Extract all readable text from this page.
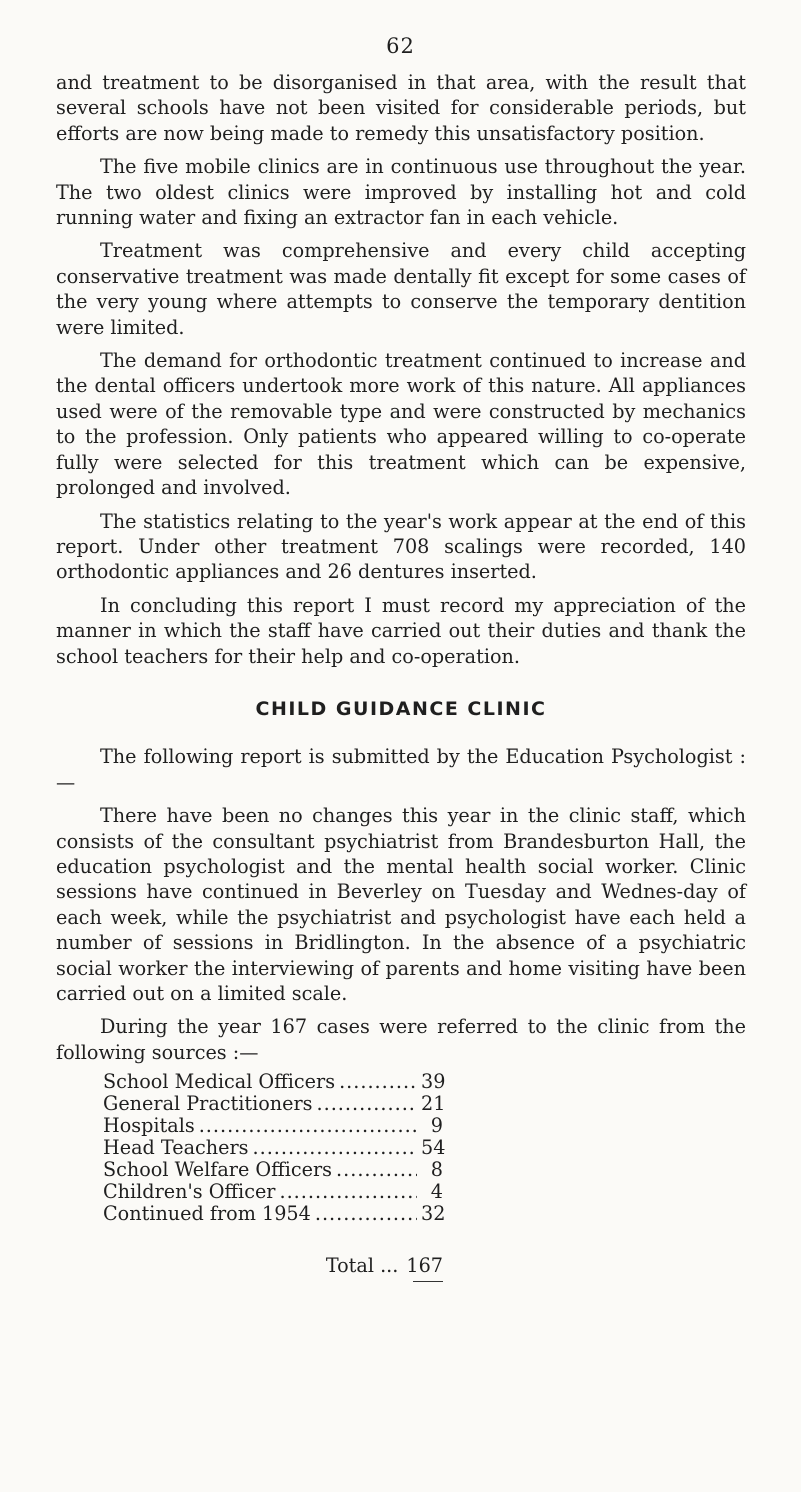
62

and treatment to be disorganised in that area, with the result that several schools have not been visited for considerable periods, but efforts are now being made to remedy this unsatisfactory position.

The five mobile clinics are in continuous use throughout the year. The two oldest clinics were improved by installing hot and cold running water and fixing an extractor fan in each vehicle.

Treatment was comprehensive and every child accepting conservative treatment was made dentally fit except for some cases of the very young where attempts to conserve the temporary dentition were limited.

The demand for orthodontic treatment continued to increase and the dental officers undertook more work of this nature. All appliances used were of the removable type and were constructed by mechanics to the profession. Only patients who appeared willing to co-operate fully were selected for this treatment which can be expensive, prolonged and involved.

The statistics relating to the year's work appear at the end of this report. Under other treatment 708 scalings were recorded, 140 orthodontic appliances and 26 dentures inserted.

In concluding this report I must record my appreciation of the manner in which the staff have carried out their duties and thank the school teachers for their help and co-operation.

CHILD GUIDANCE CLINIC

The following report is submitted by the Education Psychologist :—

There have been no changes this year in the clinic staff, which consists of the consultant psychiatrist from Brandesburton Hall, the education psychologist and the mental health social worker. Clinic sessions have continued in Beverley on Tuesday and Wednes-day of each week, while the psychiatrist and psychologist have each held a number of sessions in Bridlington. In the absence of a psychiatric social worker the interviewing of parents and home visiting have been carried out on a limited scale.

During the year 167 cases were referred to the clinic from the following sources :—

School Medical Officers .....	39
General Practitioners .....	21
Hospitals .....	9
Head Teachers .....	54
School Welfare Officers .....	8
Children's Officer .....	4
Continued from 1954 .....	32
Total ... 167
